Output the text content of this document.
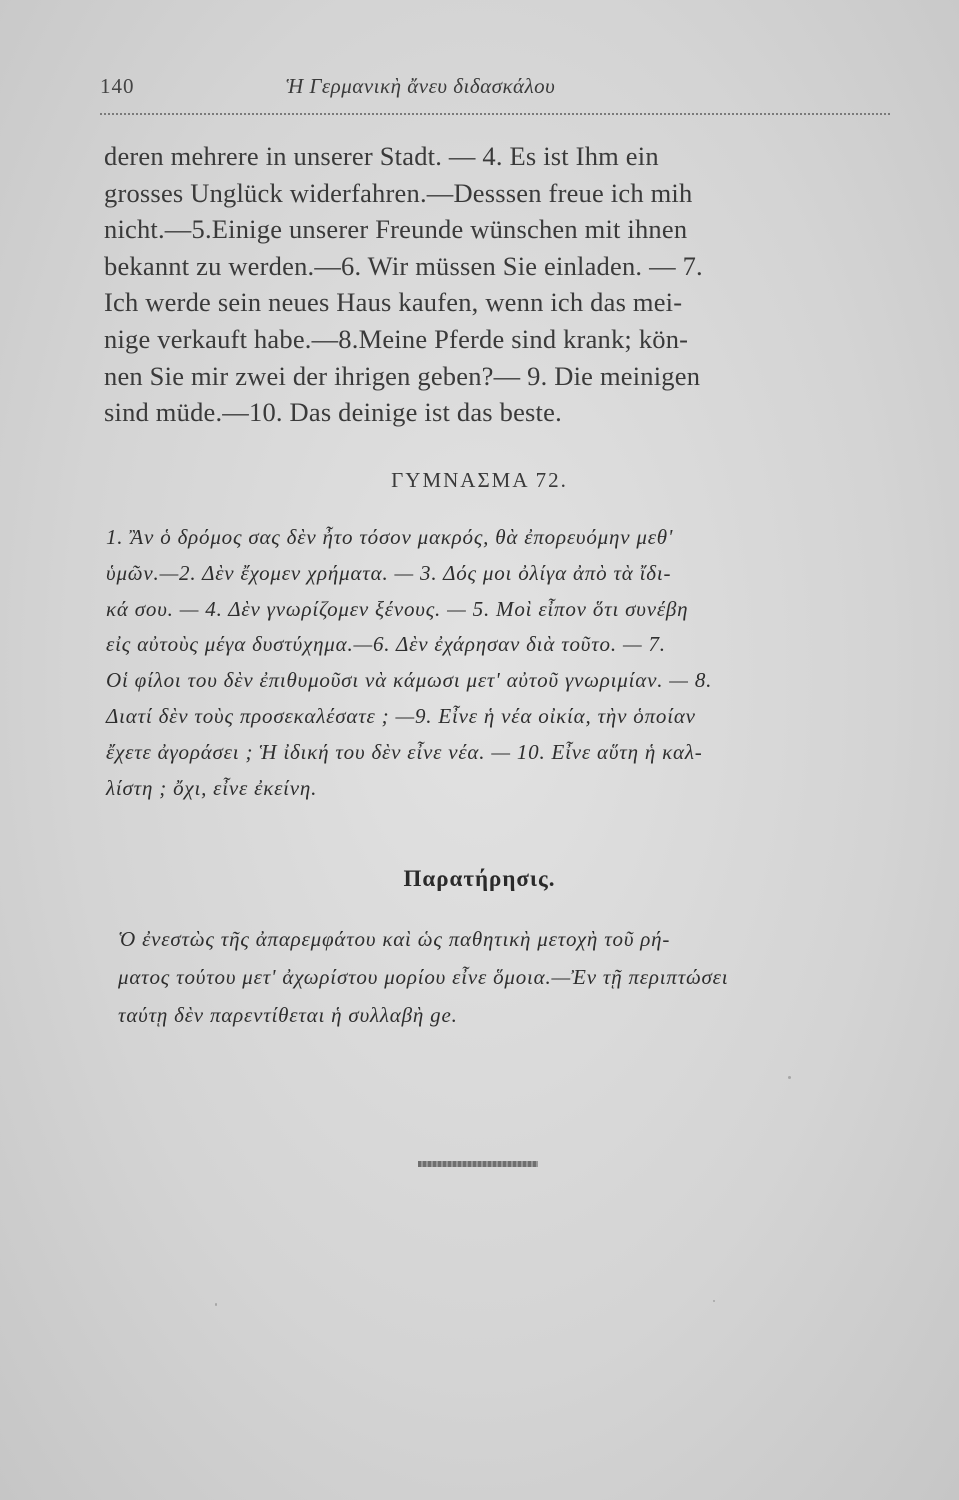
140	Ἡ Γερμανικὴ ἄνευ διδασκάλου
deren mehrere in unserer Stadt. — 4. Es ist Ihm ein
grosses Unglück widerfahren.—Desssen freue ich mih
nicht.—5.Einige unserer Freunde wünschen mit ihnen
bekannt zu werden.—6. Wir müssen Sie einladen. — 7.
Ich werde sein neues Haus kaufen, wenn ich das mei-
nige verkauft habe.—8.Meine Pferde sind krank; kön-
nen Sie mir zwei der ihrigen geben?— 9. Die meinigen
sind müde.—10. Das deinige ist das beste.
ΓΥΜΝΑΣΜΑ 72.
1. Ἂν ὁ δρόμος σας δὲν ἦτο τόσον μακρός, θὰ ἐπορευόμην μεθ'
ὑμῶν.—2. Δὲν ἔχομεν χρήματα. — 3. Δός μοι ὀλίγα ἀπὸ τὰ ἴδι-
κά σου. — 4. Δὲν γνωρίζομεν ξένους. — 5. Μοὶ εἶπον ὅτι συνέβη
εἰς αὐτοὺς μέγα δυστύχημα.—6. Δὲν ἐχάρησαν διὰ τοῦτο. — 7.
Οἱ φίλοι του δὲν ἐπιθυμοῦσι νὰ κάμωσι μετ' αὐτοῦ γνωριμίαν. — 8.
Διατί δὲν τοὺς προσεκαλέσατε ; —9. Εἶνε ἡ νέα οἰκία, τὴν ὁποίαν
ἔχετε ἀγοράσει ; Ἡ ἰδική του δὲν εἶνε νέα. — 10. Εἶνε αὕτη ἡ καλ-
λίστη ; ὄχι, εἶνε ἐκείνη.
Παρατήρησις.
Ὁ ἐνεστὼς τῆς ἀπαρεμφάτου καὶ ὡς παθητικὴ μετοχὴ τοῦ ρή-
ματος τούτου μετ' ἀχωρίστου μορίου εἶνε ὅμοια.—Ἐν τῇ περιπτώσει
ταύτῃ δὲν παρεντίθεται ἡ συλλαβὴ ge.
